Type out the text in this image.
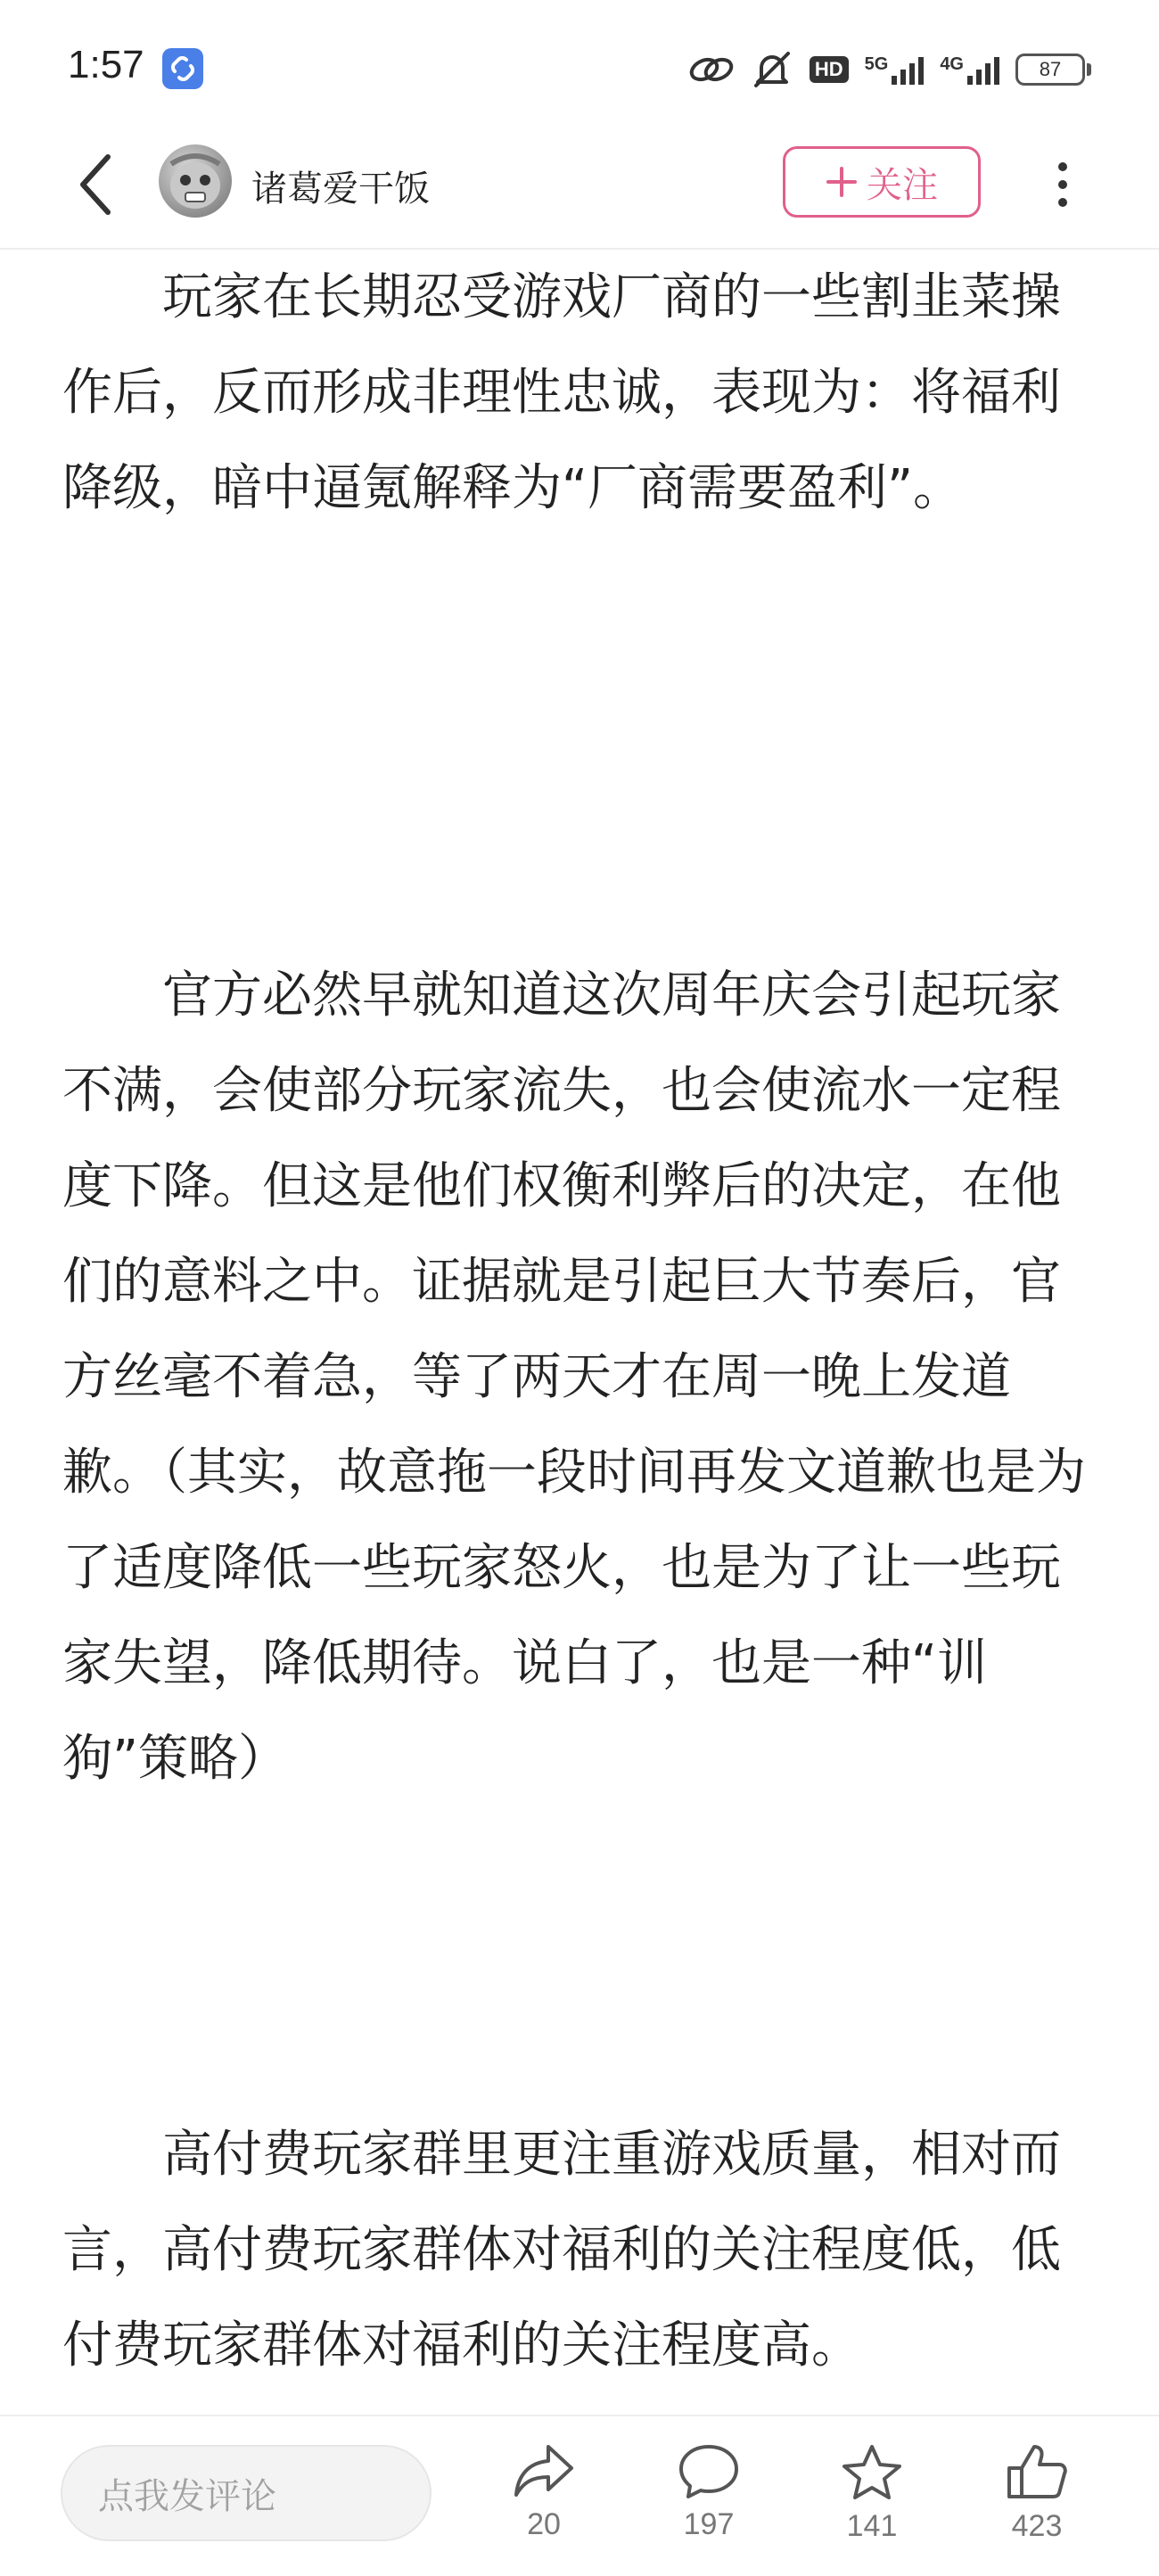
1:57	HD	5G	4G	87
诸葛爱干饭	关注

玩家在长期忍受游戏厂商的一些割韭菜操作后，反而形成非理性忠诚，表现为：将福利降级，暗中逼氪解释为“厂商需要盈利”。

官方必然早就知道这次周年庆会引起玩家不满，会使部分玩家流失，也会使流水一定程度下降。但这是他们权衡利弊后的决定，在他们的意料之中。证据就是引起巨大节奏后，官方丝毫不着急，等了两天才在周一晚上发道歉。（其实，故意拖一段时间再发文道歉也是为了适度降低一些玩家怒火，也是为了让一些玩家失望，降低期待。说白了，也是一种“训狗”策略）

高付费玩家群里更注重游戏质量，相对而言，高付费玩家群体对福利的关注程度低，低付费玩家群体对福利的关注程度高。

点我发评论
20	197	141	423
